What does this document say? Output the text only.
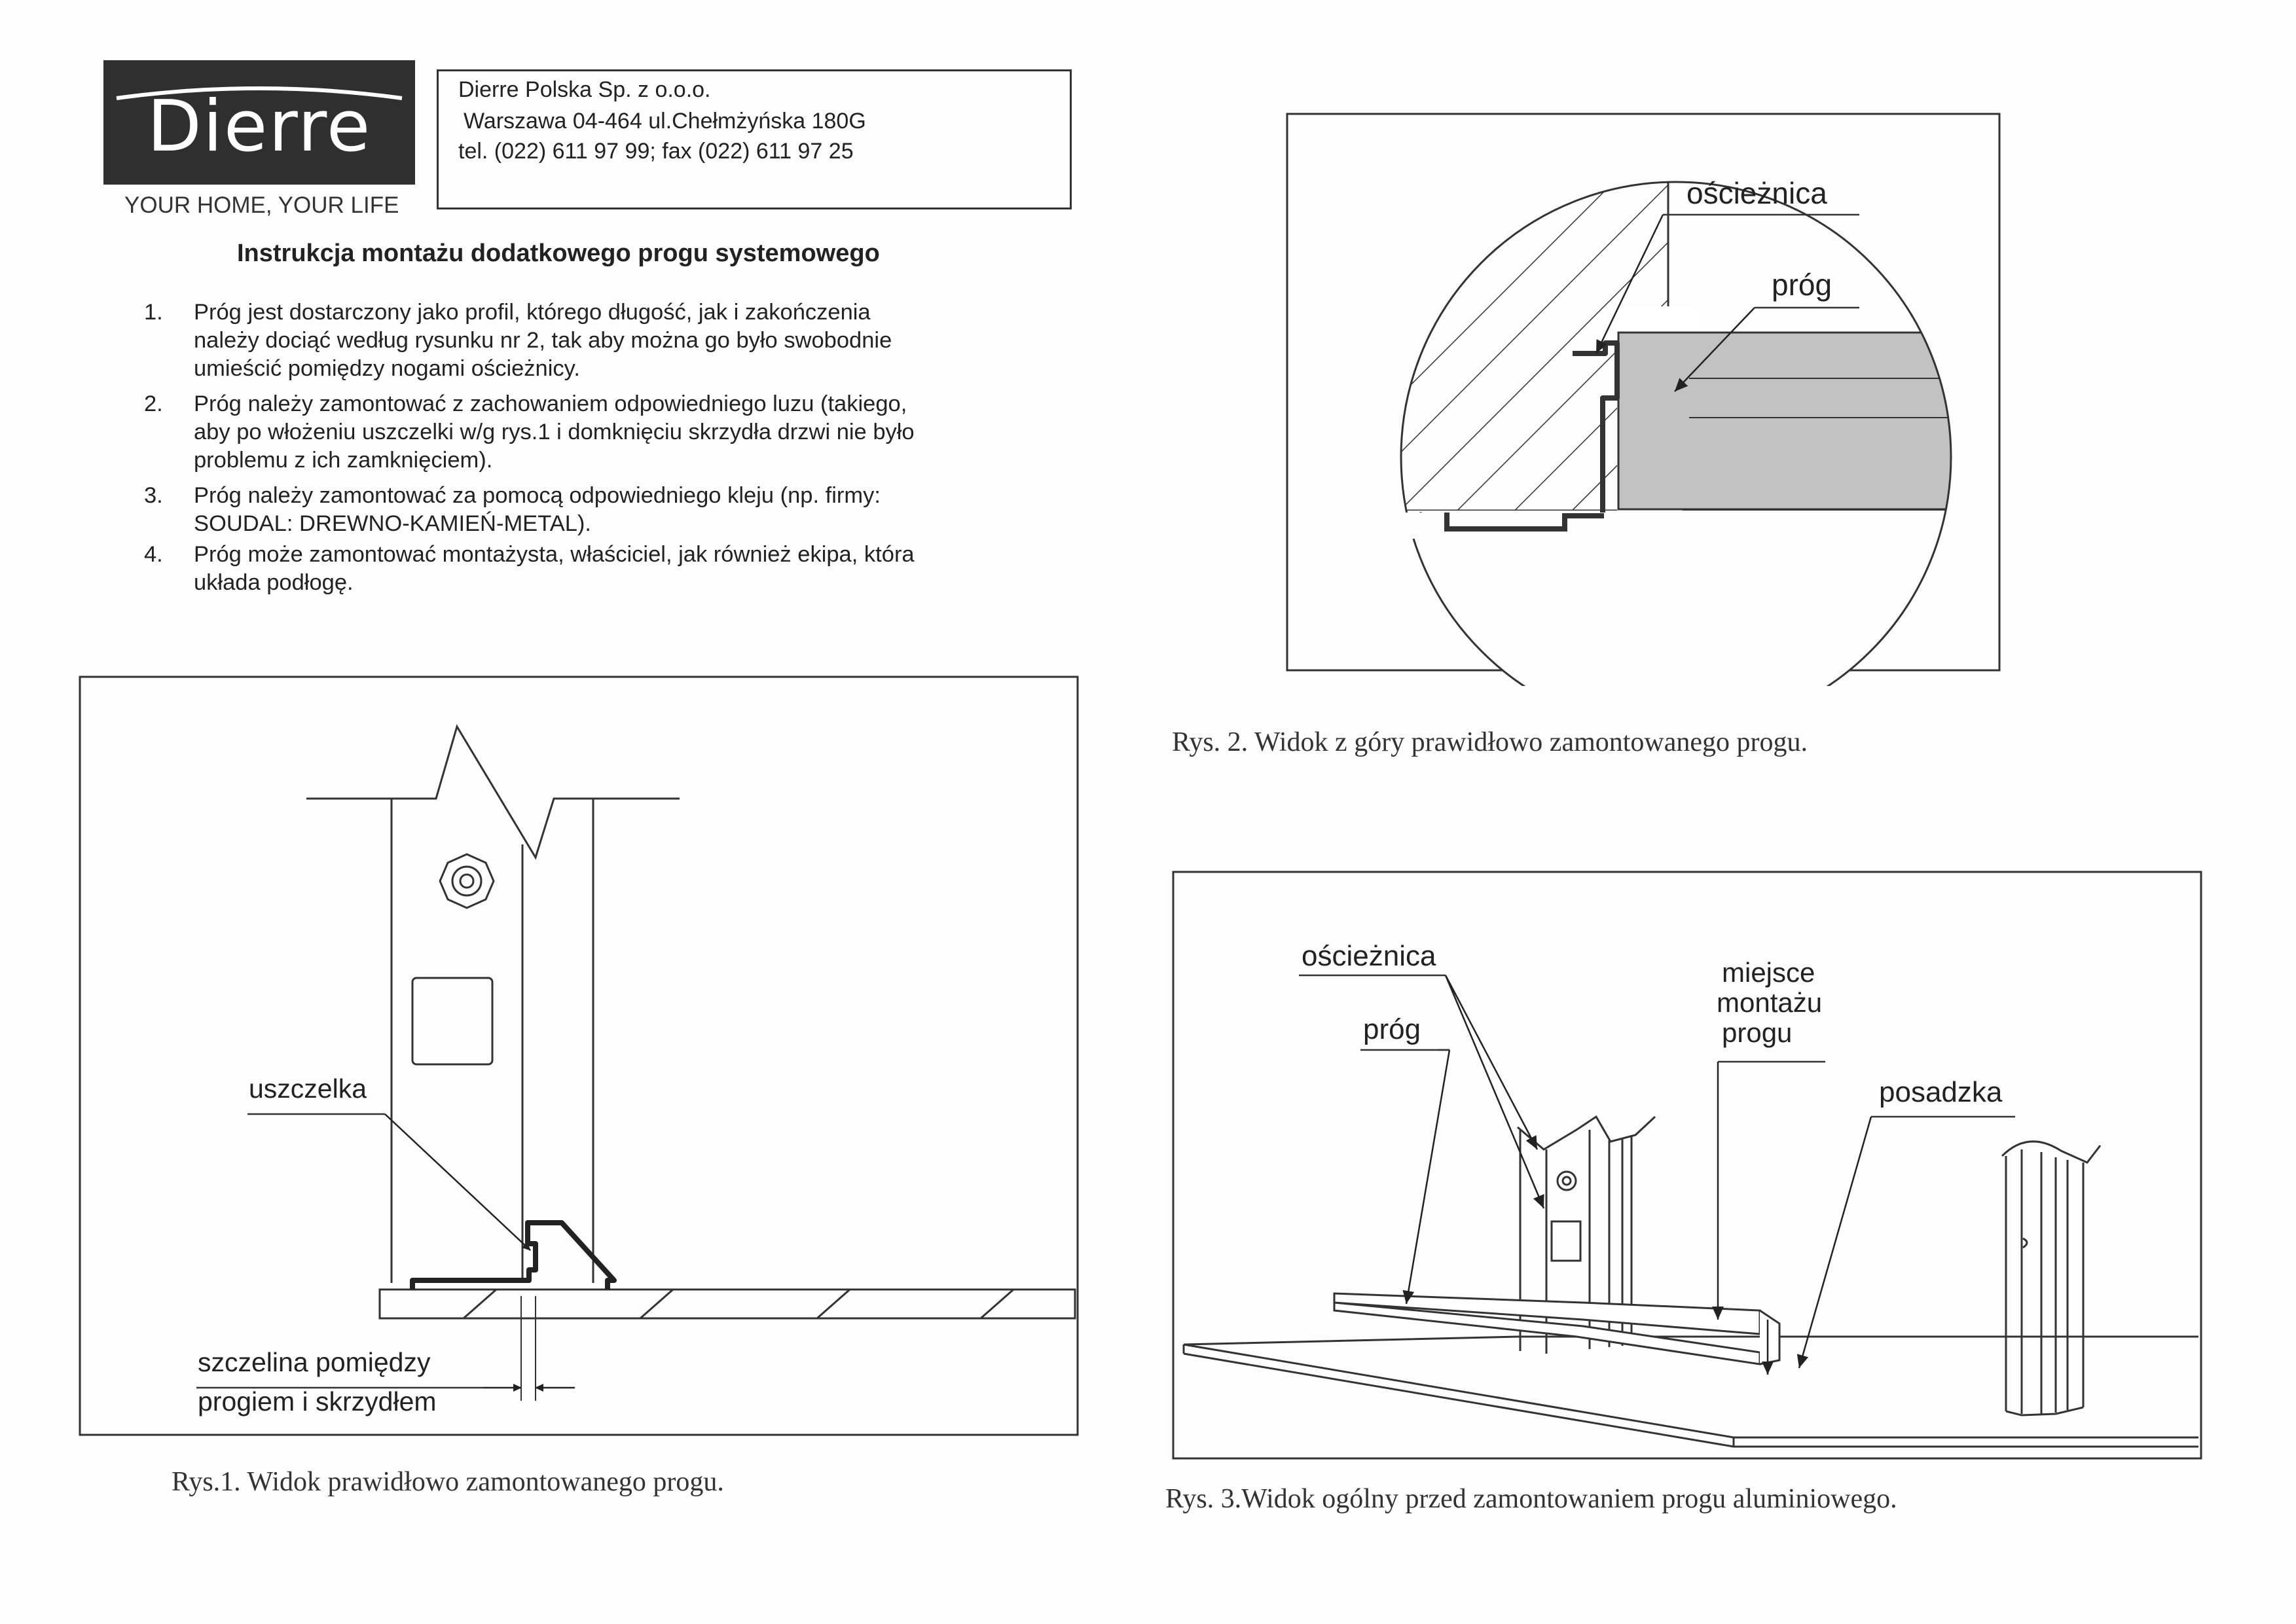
Dierre
YOUR HOME, YOUR LIFE
Dierre Polska Sp. z o.o.o.
Warszawa 04-464 ul.Chełmżyńska 180G
tel. (022) 611 97 99; fax (022) 611 97 25
Instrukcja montażu dodatkowego progu systemowego
1.	Próg jest dostarczony jako profil, którego długość, jak i zakończenia
należy dociąć według rysunku nr 2, tak aby można go było swobodnie
umieścić pomiędzy nogami ościeżnicy.
2.	Próg należy zamontować z zachowaniem odpowiedniego luzu (takiego,
aby po włożeniu uszczelki w/g rys.1 i domknięciu skrzydła drzwi nie było
problemu z ich zamknięciem).
3.	Próg należy zamontować za pomocą odpowiedniego kleju (np. firmy:
SOUDAL: DREWNO-KAMIEŃ-METAL).
4.	Próg może zamontować montażysta, właściciel, jak również ekipa, która
układa podłogę.
uszczelka
szczelina pomiędzy
progiem i skrzydłem
Rys.1. Widok prawidłowo zamontowanego progu.
ościeżnica
próg
Rys. 2. Widok z góry prawidłowo zamontowanego progu.
ościeżnica
próg
miejsce
montażu
progu
posadzka
Rys. 3.Widok ogólny przed zamontowaniem progu aluminiowego.
